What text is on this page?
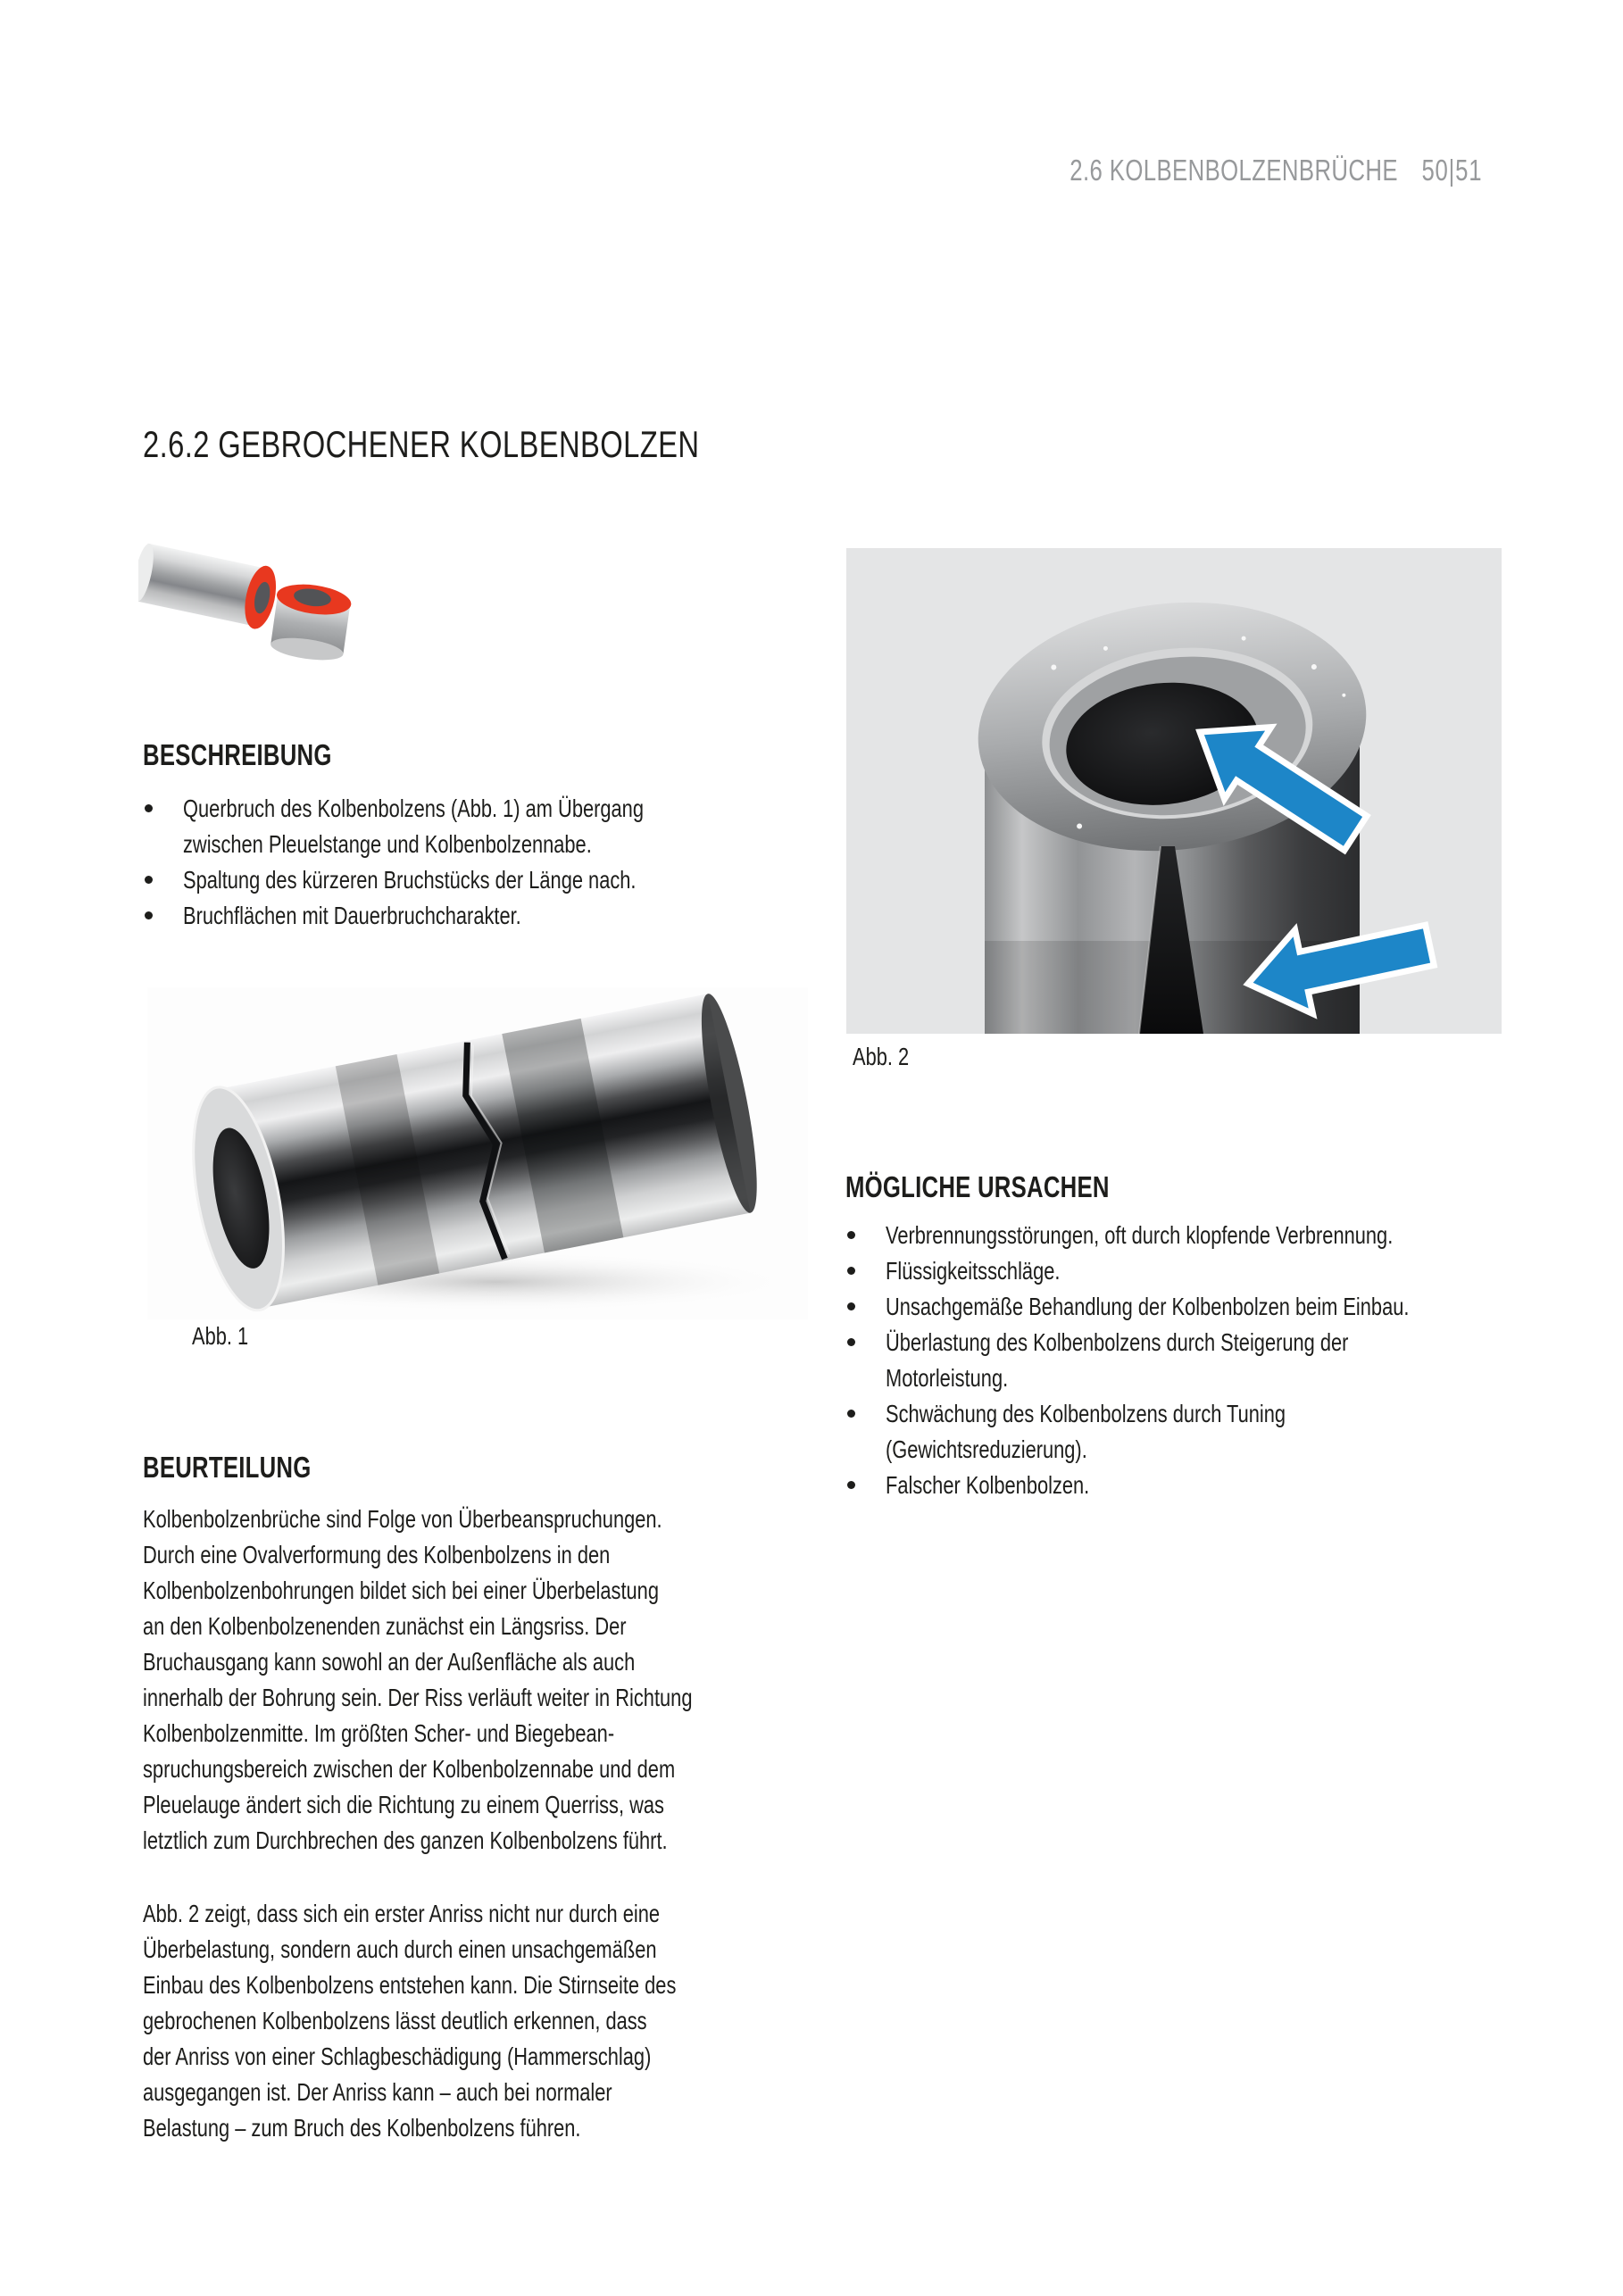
2.6 KOLBENBOLZENBRÜCHE 50|51
2.6.2 GEBROCHENER KOLBENBOLZEN
BESCHREIBUNG
Querbruch des Kolbenbolzens (Abb. 1) am Übergang
zwischen Pleuelstange und Kolbenbolzennabe.
Spaltung des kürzeren Bruchstücks der Länge nach.
Bruchflächen mit Dauerbruchcharakter.
Abb. 1
BEURTEILUNG
Kolbenbolzenbrüche sind Folge von Überbeanspruchungen.
Durch eine Ovalverformung des Kolbenbolzens in den
Kolbenbolzenbohrungen bildet sich bei einer Überbelastung
an den Kolbenbolzenenden zunächst ein Längsriss. Der
Bruchausgang kann sowohl an der Außenfläche als auch
innerhalb der Bohrung sein. Der Riss verläuft weiter in Richtung
Kolbenbolzenmitte. Im größten Scher- und Biegebean-
spruchungsbereich zwischen der Kolbenbolzennabe und dem
Pleuelauge ändert sich die Richtung zu einem Querriss, was
letztlich zum Durchbrechen des ganzen Kolbenbolzens führt.
Abb. 2 zeigt, dass sich ein erster Anriss nicht nur durch eine
Überbelastung, sondern auch durch einen unsachgemäßen
Einbau des Kolbenbolzens entstehen kann. Die Stirnseite des
gebrochenen Kolbenbolzens lässt deutlich erkennen, dass
der Anriss von einer Schlagbeschädigung (Hammerschlag)
ausgegangen ist. Der Anriss kann – auch bei normaler
Belastung – zum Bruch des Kolbenbolzens führen.
Abb. 2
MÖGLICHE URSACHEN
Verbrennungsstörungen, oft durch klopfende Verbrennung.
Flüssigkeitsschläge.
Unsachgemäße Behandlung der Kolbenbolzen beim Einbau.
Überlastung des Kolbenbolzens durch Steigerung der
Motorleistung.
Schwächung des Kolbenbolzens durch Tuning
(Gewichtsreduzierung).
Falscher Kolbenbolzen.
